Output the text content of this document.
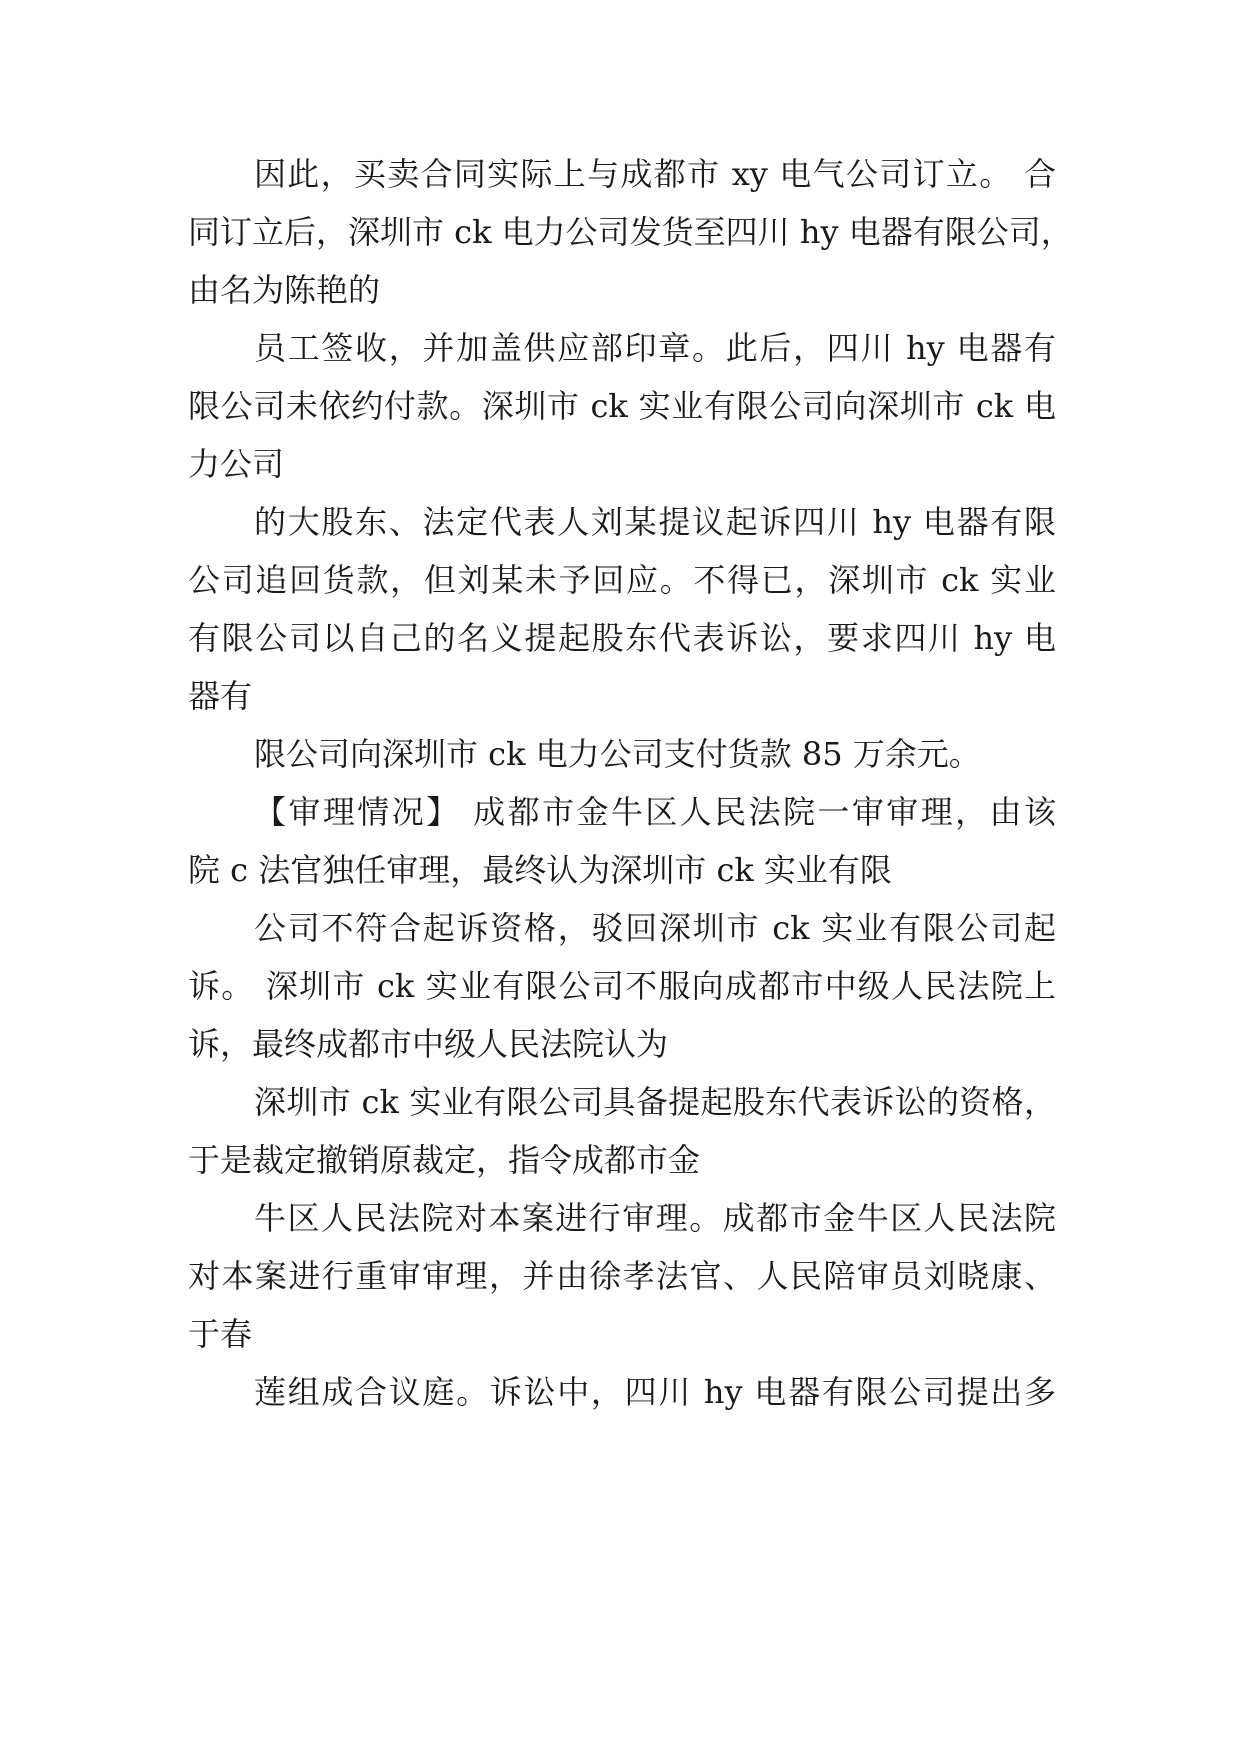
因此，买卖合同实际上与成都市 xy 电气公司订立。 合
同订立后，深圳市 ck 电力公司发货至四川 hy 电器有限公司，
由名为陈艳的
员工签收，并加盖供应部印章。此后，四川 hy 电器有
限公司未依约付款。深圳市 ck 实业有限公司向深圳市 ck 电
力公司
的大股东、法定代表人刘某提议起诉四川 hy 电器有限
公司追回货款，但刘某未予回应。不得已，深圳市 ck 实业
有限公司以自己的名义提起股东代表诉讼，要求四川 hy 电
器有
限公司向深圳市 ck 电力公司支付货款 85 万余元。
【审理情况】 成都市金牛区人民法院一审审理，由该
院 c 法官独任审理，最终认为深圳市 ck 实业有限
公司不符合起诉资格，驳回深圳市 ck 实业有限公司起
诉。 深圳市 ck 实业有限公司不服向成都市中级人民法院上
诉，最终成都市中级人民法院认为
深圳市 ck 实业有限公司具备提起股东代表诉讼的资格，
于是裁定撤销原裁定，指令成都市金
牛区人民法院对本案进行审理。成都市金牛区人民法院
对本案进行重审审理，并由徐孝法官、人民陪审员刘晓康、
于春
莲组成合议庭。诉讼中，四川 hy 电器有限公司提出多
